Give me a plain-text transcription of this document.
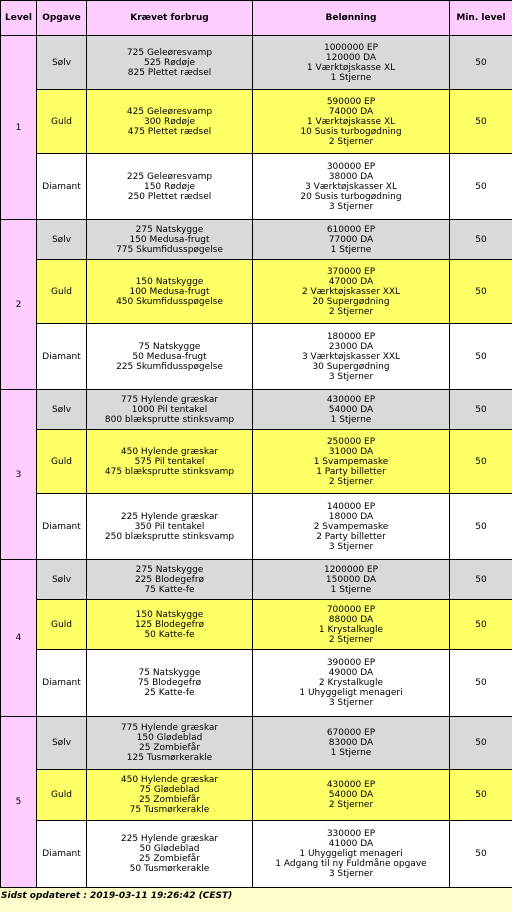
Level	Opgave	Krævet forbrug	Belønning	Min. level
1	Sølv	725 Geleøresvamp
525 Rødøje
825 Plettet rædsel	1000000 EP
120000 DA
1 Værktøjskasse XL
1 Stjerne	50
	Guld	425 Geleøresvamp
300 Rødøje
475 Plettet rædsel	590000 EP
74000 DA
1 Værktøjskasse XL
10 Susis turbogødning
2 Stjerner	50
	Diamant	225 Geleøresvamp
150 Rødøje
250 Plettet rædsel	300000 EP
38000 DA
3 Værktøjskasser XL
20 Susis turbogødning
3 Stjerner	50
2	Sølv	275 Natskygge
150 Medusa-frugt
775 Skumfidusspøgelse	610000 EP
77000 DA
1 Stjerne	50
	Guld	150 Natskygge
100 Medusa-frugt
450 Skumfidusspøgelse	370000 EP
47000 DA
2 Værktøjskasser XXL
20 Supergødning
2 Stjerner	50
	Diamant	75 Natskygge
50 Medusa-frugt
225 Skumfidusspøgelse	180000 EP
23000 DA
3 Værktøjskasser XXL
30 Supergødning
3 Stjerner	50
3	Sølv	775 Hylende græskar
1000 Pil tentakel
800 blæksprutte stinksvamp	430000 EP
54000 DA
1 Stjerne	50
	Guld	450 Hylende græskar
575 Pil tentakel
475 blæksprutte stinksvamp	250000 EP
31000 DA
1 Svampemaske
1 Party billetter
2 Stjerner	50
	Diamant	225 Hylende græskar
350 Pil tentakel
250 blæksprutte stinksvamp	140000 EP
18000 DA
2 Svampemaske
2 Party billetter
3 Stjerner	50
4	Sølv	275 Natskygge
225 Blodegefrø
75 Katte-fe	1200000 EP
150000 DA
1 Stjerne	50
	Guld	150 Natskygge
125 Blodegefrø
50 Katte-fe	700000 EP
88000 DA
1 Krystalkugle
2 Stjerner	50
	Diamant	75 Natskygge
75 Blodegefrø
25 Katte-fe	390000 EP
49000 DA
2 Krystalkugle
1 Uhyggeligt menageri
3 Stjerner	50
5	Sølv	775 Hylende græskar
150 Glødeblad
25 Zombiefår
125 Tusmørkerakle	670000 EP
83000 DA
1 Stjerne	50
	Guld	450 Hylende græskar
75 Glødeblad
25 Zombiefår
75 Tusmørkerakle	430000 EP
54000 DA
2 Stjerner	50
	Diamant	225 Hylende græskar
50 Glødeblad
25 Zombiefår
50 Tusmørkerakle	330000 EP
41000 DA
1 Uhyggeligt menageri
1 Adgang til ny Fuldmåne opgave
3 Stjerner	50
Sidst opdateret : 2019-03-11 19:26:42 (CEST)
